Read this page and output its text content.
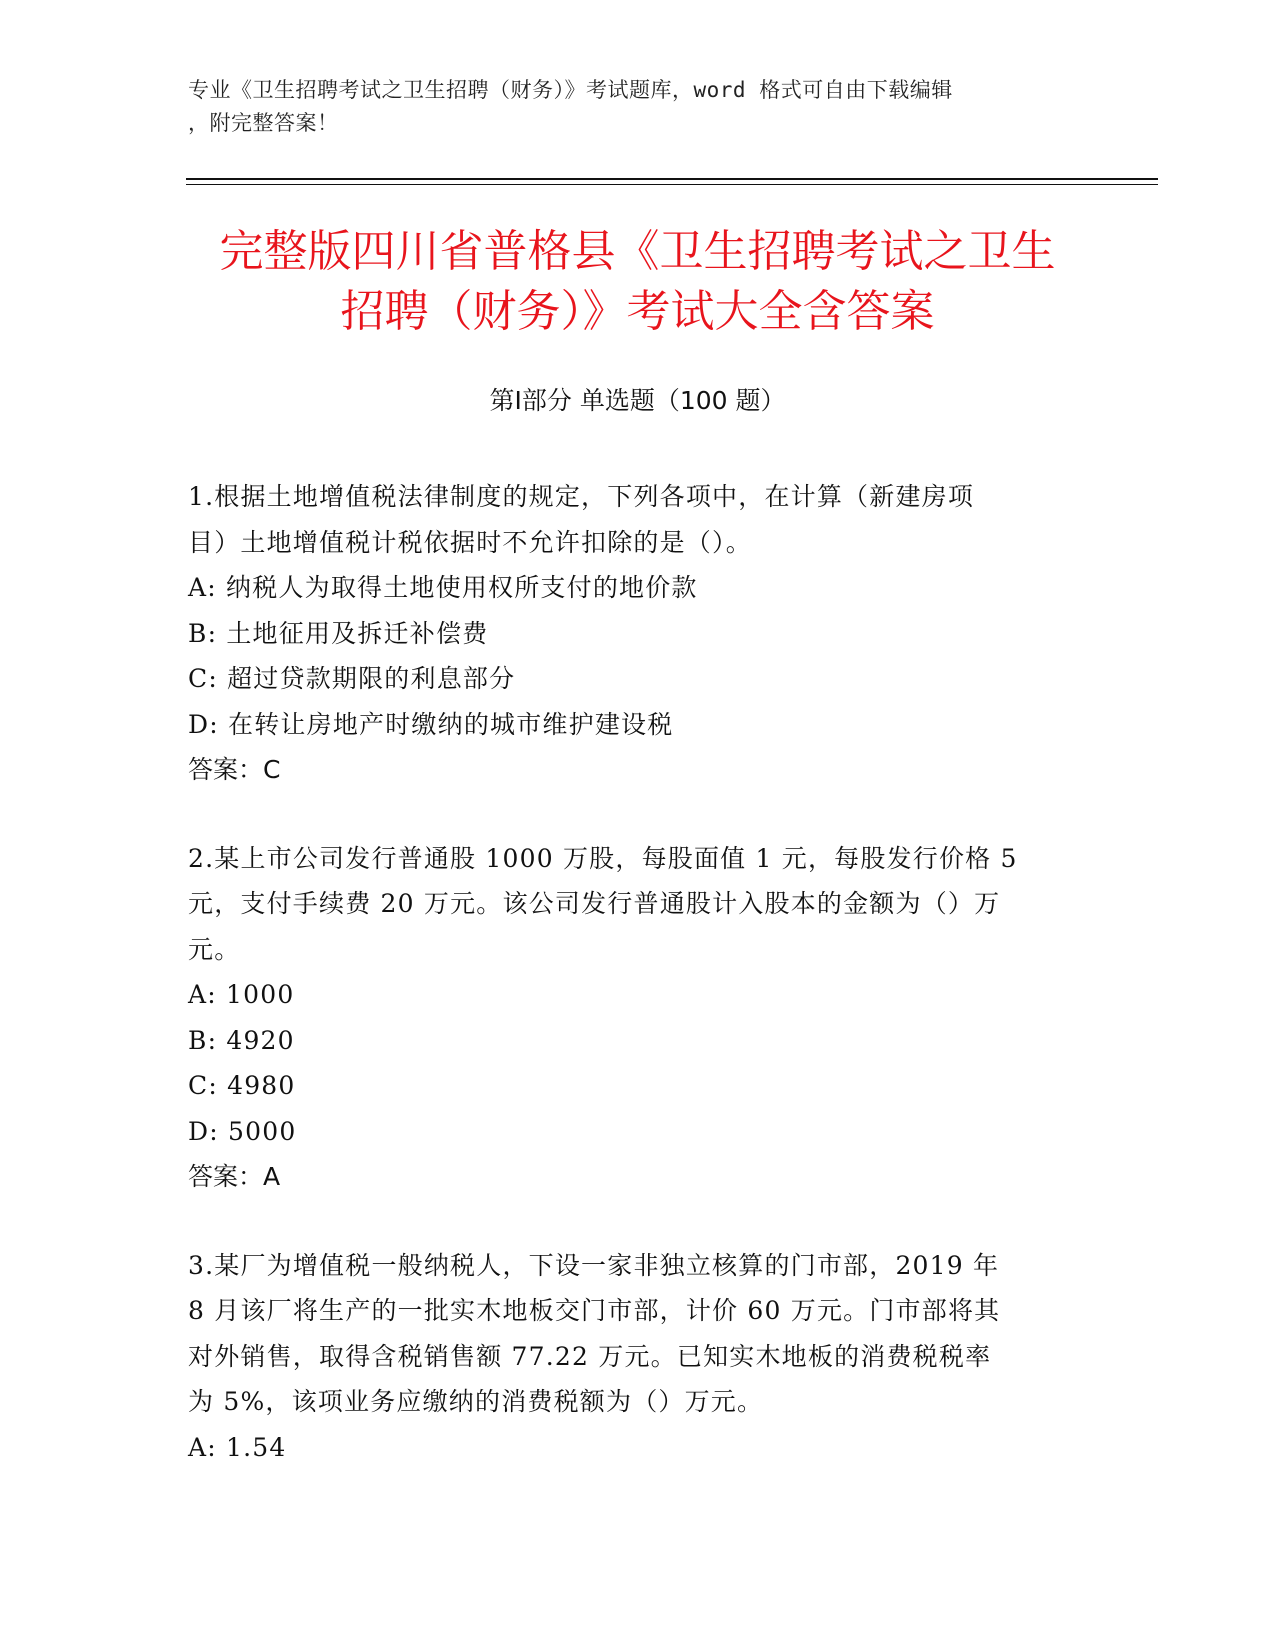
专业《卫生招聘考试之卫生招聘（财务）》考试题库，word 格式可自由下载编辑
，附完整答案！
完整版四川省普格县《卫生招聘考试之卫生
招聘（财务）》考试大全含答案
第Ⅰ部分 单选题（100 题）
1.根据土地增值税法律制度的规定，下列各项中，在计算（新建房项
目）土地增值税计税依据时不允许扣除的是（）。
A: 纳税人为取得土地使用权所支付的地价款
B: 土地征用及拆迁补偿费
C: 超过贷款期限的利息部分
D: 在转让房地产时缴纳的城市维护建设税
答案：C
2.某上市公司发行普通股 1000 万股，每股面值 1 元，每股发行价格 5
元，支付手续费 20 万元。该公司发行普通股计入股本的金额为（）万
元。
A: 1000
B: 4920
C: 4980
D: 5000
答案：A
3.某厂为增值税一般纳税人，下设一家非独立核算的门市部，2019 年
8 月该厂将生产的一批实木地板交门市部，计价 60 万元。门市部将其
对外销售，取得含税销售额 77.22 万元。已知实木地板的消费税税率
为 5%，该项业务应缴纳的消费税额为（）万元。
A: 1.54
